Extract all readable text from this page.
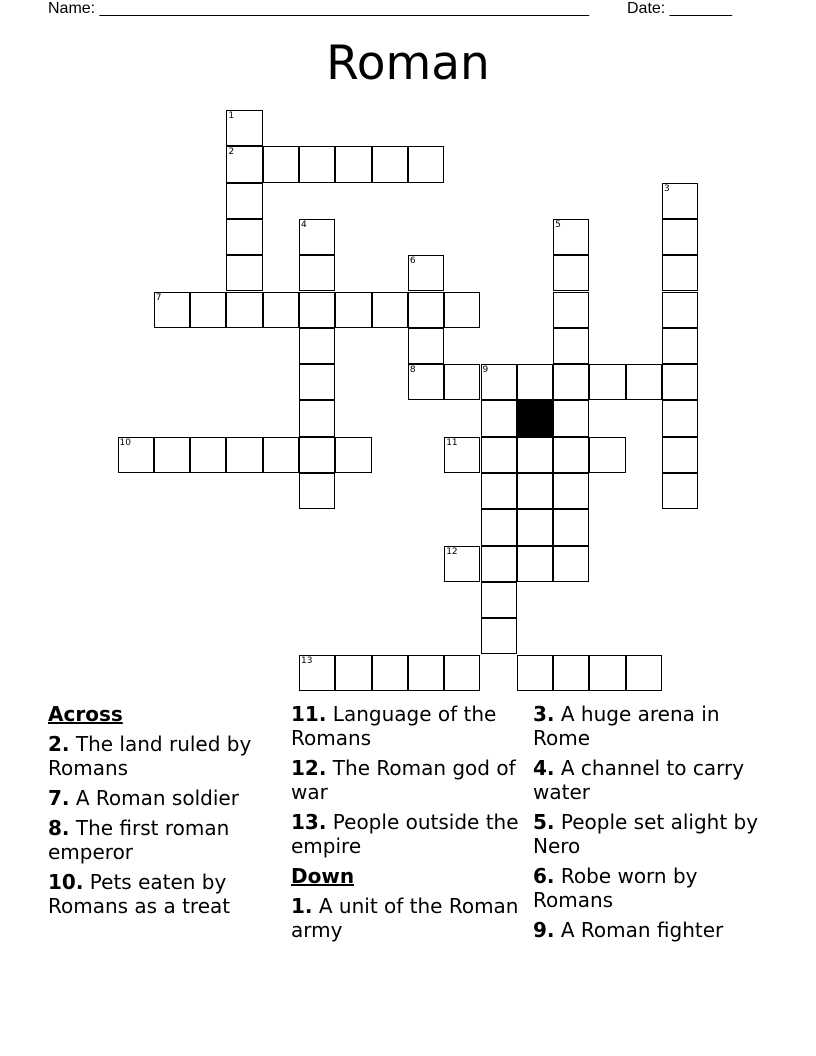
Name: _______________________________________________________ Date: _______
Roman
1
2
3
4	5
6
7
8	9
10	11
12
13
Across
2. The land ruled by Romans
7. A Roman soldier
8. The first roman emperor
10. Pets eaten by Romans as a treat
11. Language of the Romans
12. The Roman god of war
13. People outside the empire
Down
1. A unit of the Roman army
3. A huge arena in Rome
4. A channel to carry water
5. People set alight by Nero
6. Robe worn by Romans
9. A Roman fighter
